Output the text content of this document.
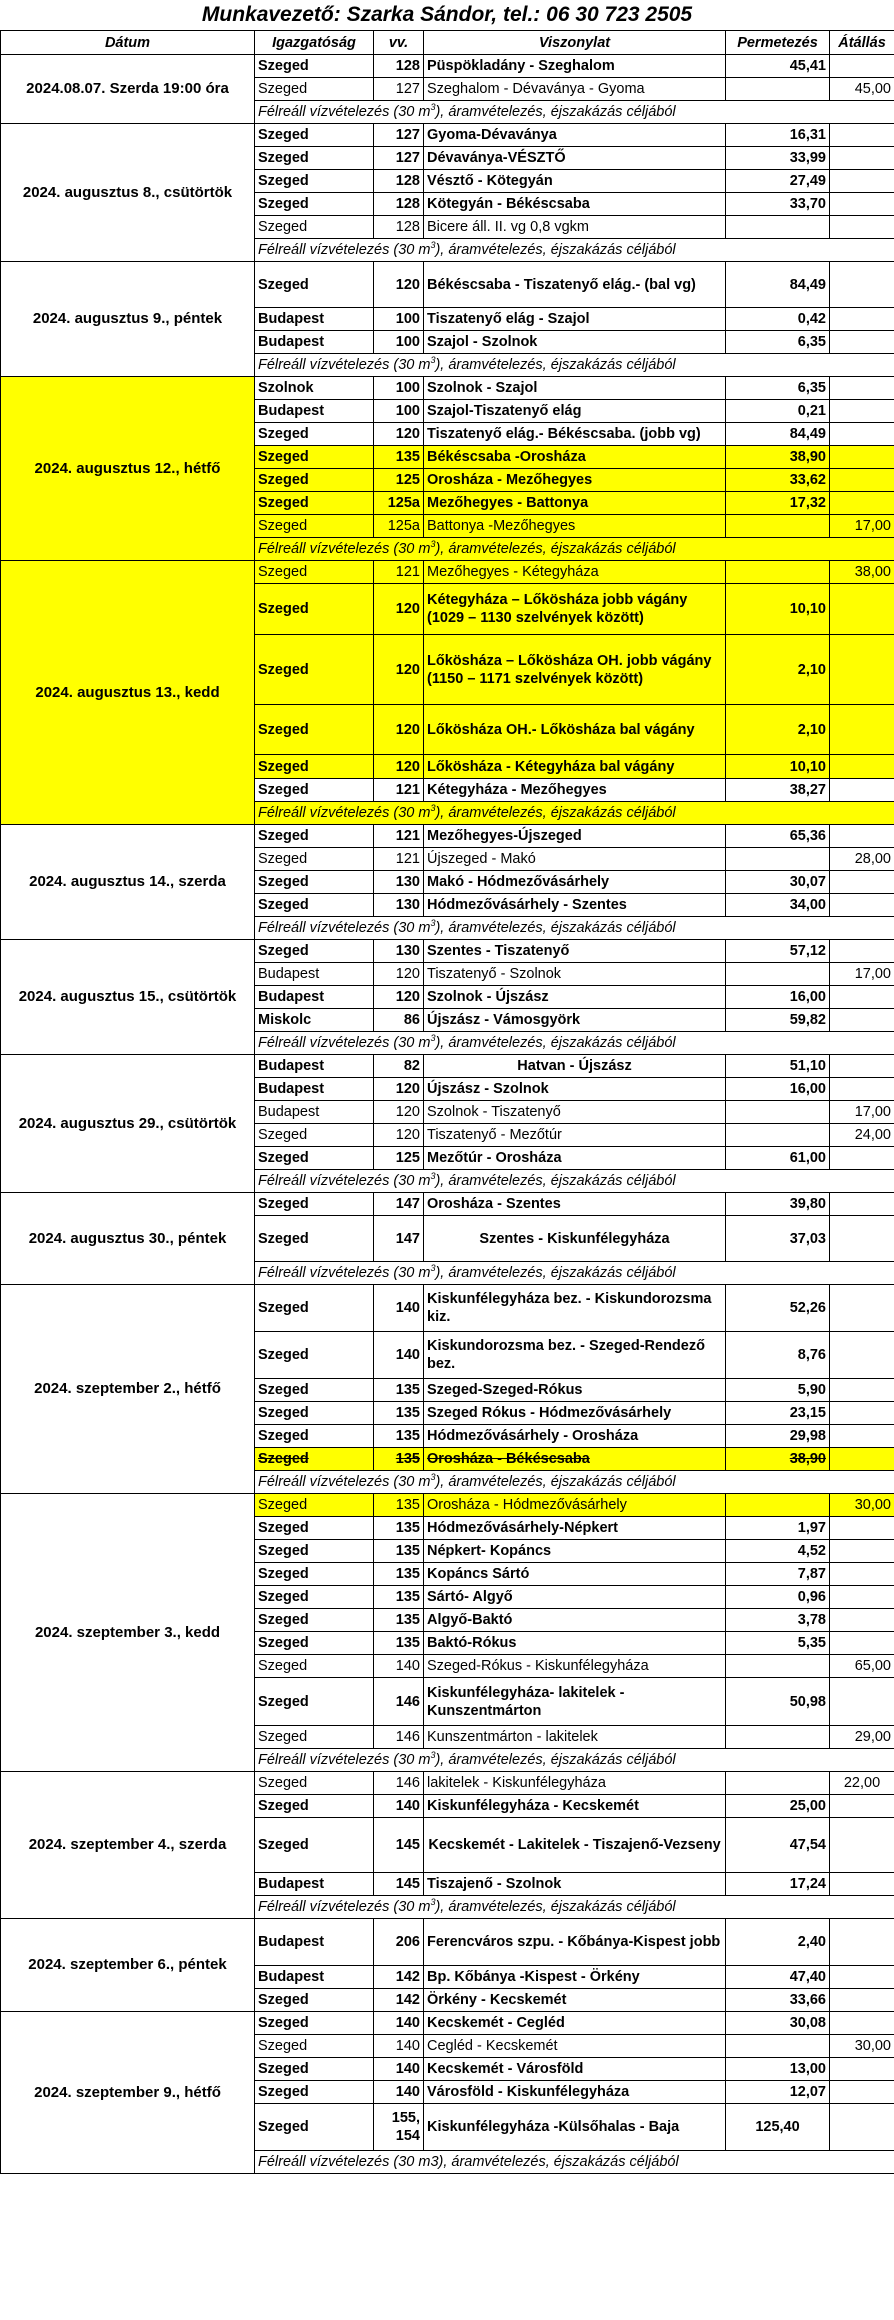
Munkavezető: Szarka Sándor, tel.: 06 30 723 2505
Dátum	Igazgatóság	vv.	Viszonylat	Permetezés	Átállás
2024.08.07. Szerda 19:00 óra	Szeged	128	Püspökladány - Szeghalom	45,41	
	Szeged	127	Szeghalom - Dévaványa - Gyoma		45,00
	Félreáll vízvételezés (30 $m^3$), áramvételezés, éjszakázás céljából				
2024. augusztus 8., csütörtök	Szeged	127	Gyoma-Dévaványa	16,31	
	Szeged	127	Dévaványa-VÉSZTŐ	33,99	
	Szeged	128	Vésztő - Kötegyán	27,49	
	Szeged	128	Kötegyán - Békéscsaba	33,70	
	Szeged	128	Bicere áll. II. vg 0,8 vgkm		
	Félreáll vízvételezés (30 $m^3$), áramvételezés, éjszakázás céljából				
2024. augusztus 9., péntek	Szeged	120	Békéscsaba - Tiszatenyő elág.- (bal vg)	84,49	
	Budapest	100	Tiszatenyő elág - Szajol	0,42	
	Budapest	100	Szajol - Szolnok	6,35	
	Félreáll vízvételezés (30 $m^3$), áramvételezés, éjszakázás céljából				
2024. augusztus 12., hétfő	Szolnok	100	Szolnok - Szajol	6,35	
	Budapest	100	Szajol-Tiszatenyő elág	0,21	
	Szeged	120	Tiszatenyő elág.- Békéscsaba. (jobb vg)	84,49	
	Szeged	135	Békéscsaba -Orosháza	38,90	
	Szeged	125	Orosháza - Mezőhegyes	33,62	
	Szeged	125a	Mezőhegyes - Battonya	17,32	
	Szeged	125a	Battonya -Mezőhegyes		17,00
	Félreáll vízvételezés (30 $m^3$), áramvételezés, éjszakázás céljából				
2024. augusztus 13., kedd	Szeged	121	Mezőhegyes - Kétegyháza		38,00
	Szeged	120	Kétegyháza – Lőkösháza jobb vágány (1029 – 1130 szelvények között)	10,10	
	Szeged	120	Lőkösháza – Lőkösháza OH. jobb vágány (1150 – 1171 szelvények között)	2,10	
	Szeged	120	Lőkösháza OH.- Lőkösháza bal vágány	2,10	
	Szeged	120	Lőkösháza - Kétegyháza bal vágány	10,10	
	Szeged	121	Kétegyháza - Mezőhegyes	38,27	
	Félreáll vízvételezés (30 $m^3$), áramvételezés, éjszakázás céljából				
2024. augusztus 14., szerda	Szeged	121	Mezőhegyes-Újszeged	65,36	
	Szeged	121	Újszeged - Makó		28,00
	Szeged	130	Makó - Hódmezővásárhely	30,07	
	Szeged	130	Hódmezővásárhely - Szentes	34,00	
	Félreáll vízvételezés (30 $m^3$), áramvételezés, éjszakázás céljából				
2024. augusztus 15., csütörtök	Szeged	130	Szentes - Tiszatenyő	57,12	
	Budapest	120	Tiszatenyő - Szolnok		17,00
	Budapest	120	Szolnok - Újszász	16,00	
	Miskolc	86	Újszász - Vámosgyörk	59,82	
	Félreáll vízvételezés (30 $m^3$), áramvételezés, éjszakázás céljából				
2024. augusztus 29., csütörtök	Budapest	82	Hatvan - Újszász	51,10	
	Budapest	120	Újszász - Szolnok	16,00	
	Budapest	120	Szolnok - Tiszatenyő		17,00
	Szeged	120	Tiszatenyő - Mezőtúr		24,00
	Szeged	125	Mezőtúr - Orosháza	61,00	
	Félreáll vízvételezés (30 $m^3$), áramvételezés, éjszakázás céljából				
2024. augusztus 30., péntek	Szeged	147	Orosháza - Szentes	39,80	
	Szeged	147	Szentes - Kiskunfélegyháza	37,03	
	Félreáll vízvételezés (30 $m^3$), áramvételezés, éjszakázás céljából				
2024. szeptember 2., hétfő	Szeged	140	Kiskunfélegyháza bez. - Kiskundorozsma kiz.	52,26	
	Szeged	140	Kiskundorozsma bez. - Szeged-Rendező bez.	8,76	
	Szeged	135	Szeged-Szeged-Rókus	5,90	
	Szeged	135	Szeged Rókus - Hódmezővásárhely	23,15	
	Szeged	135	Hódmezővásárhely - Orosháza	29,98	
	Szeged	135	Orosháza - Békéscsaba	38,90	
	Félreáll vízvételezés (30 $m^3$), áramvételezés, éjszakázás céljából				
2024. szeptember 3., kedd	Szeged	135	Orosháza - Hódmezővásárhely		30,00
	Szeged	135	Hódmezővásárhely-Népkert	1,97	
	Szeged	135	Népkert- Kopáncs	4,52	
	Szeged	135	Kopáncs Sártó	7,87	
	Szeged	135	Sártó- Algyő	0,96	
	Szeged	135	Algyő-Baktó	3,78	
	Szeged	135	Baktó-Rókus	5,35	
	Szeged	140	Szeged-Rókus - Kiskunfélegyháza		65,00
	Szeged	146	Kiskunfélegyháza- lakitelek - Kunszentmárton	50,98	
	Szeged	146	Kunszentmárton - lakitelek		29,00
	Félreáll vízvételezés (30 $m^3$), áramvételezés, éjszakázás céljából				
2024. szeptember 4., szerda	Szeged	146	lakitelek - Kiskunfélegyháza		22,00
	Szeged	140	Kiskunfélegyháza - Kecskemét	25,00	
	Szeged	145	Kecskemét - Lakitelek - Tiszajenő-Vezseny	47,54	
	Budapest	145	Tiszajenő - Szolnok	17,24	
	Félreáll vízvételezés (30 $m^3$), áramvételezés, éjszakázás céljából				
2024. szeptember 6., péntek	Budapest	206	Ferencváros szpu. - Kőbánya-Kispest jobb	2,40	
	Budapest	142	Bp. Kőbánya -Kispest - Örkény	47,40	
	Szeged	142	Örkény - Kecskemét	33,66	
2024. szeptember 9., hétfő	Szeged	140	Kecskemét - Cegléd	30,08	
	Szeged	140	Cegléd - Kecskemét		30,00
	Szeged	140	Kecskemét - Városföld	13,00	
	Szeged	140	Városföld - Kiskunfélegyháza	12,07	
	Szeged	155, 154	Kiskunfélegyháza -Külsőhalas - Baja	125,40	
	Félreáll vízvételezés (30 m3), áramvételezés, éjszakázás céljából				
